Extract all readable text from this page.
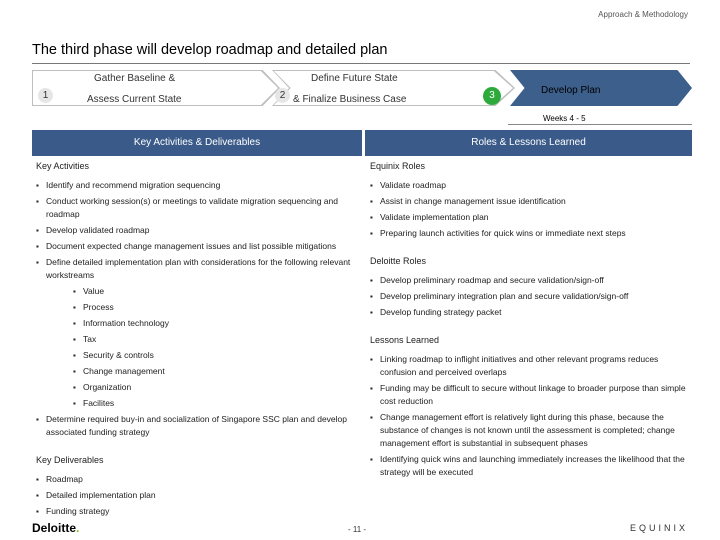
Approach & Methodology
The third phase will develop roadmap and detailed plan
1
Gather Baseline &
Assess Current State	2
Define Future State
& Finalize Business Case	3	Develop Plan
Weeks 4 - 5
Key Activities & Deliverables	Roles & Lessons Learned
Key Activities
▪ Identify and recommend migration sequencing
▪ Conduct working session(s) or meetings to validate migration sequencing and roadmap
▪ Develop validated roadmap
▪ Document expected change management issues and list possible mitigations
▪ Define detailed implementation plan with considerations for the following relevant workstreams
▪ Value
▪ Process
▪ Information technology
▪ Tax
▪ Security & controls
▪ Change management
▪ Organization
▪ Facilites
▪ Determine required buy-in and socialization of Singapore SSC plan and develop associated funding strategy
Key Deliverables
▪ Roadmap
▪ Detailed implementation plan
▪ Funding strategy
Equinix Roles
▪ Validate roadmap
▪ Assist in change management issue identification
▪ Validate implementation plan
▪ Preparing launch activities for quick wins or immediate next steps
Deloitte Roles
▪ Develop preliminary roadmap and secure validation/sign-off
▪ Develop preliminary integration plan and secure validation/sign-off
▪ Develop funding strategy packet
Lessons Learned
▪ Linking roadmap to inflight initiatives and other relevant programs reduces confusion and perceived overlaps
▪ Funding may be difficult to secure without linkage to broader purpose than simple cost reduction
▪ Change management effort is relatively light during this phase, because the substance of changes is not known until the assessment is completed; change management effort is substantial in subsequent phases
▪ Identifying quick wins and launching immediately increases the likelihood that the strategy will be executed
Deloitte.	- 11 -	EQUINIX
